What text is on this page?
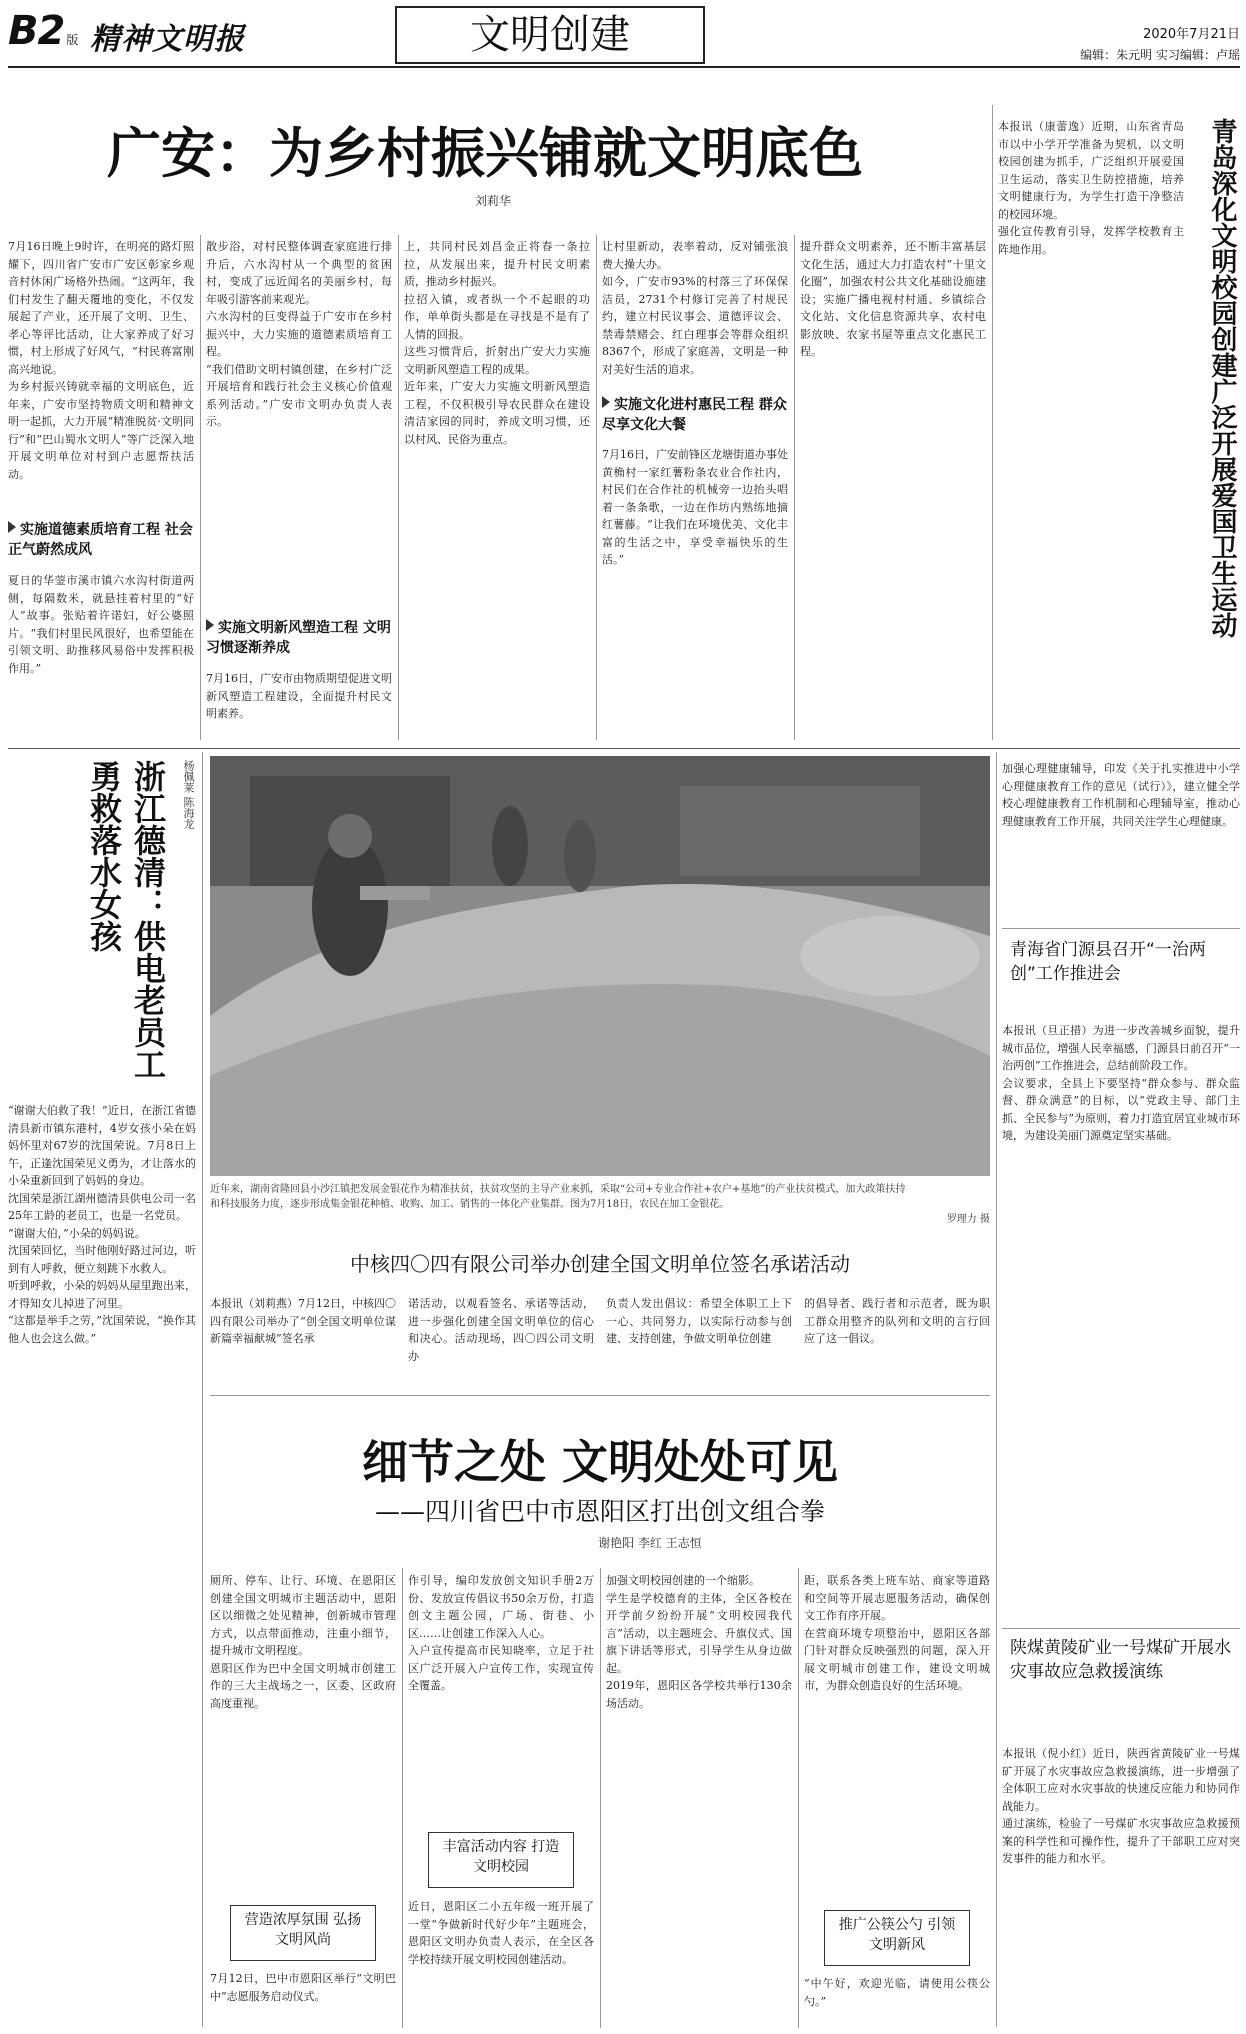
B2 版 精神文明报	文明创建	2020年7月21日
编辑：朱元明 实习编辑：卢瑶
广安：为乡村振兴铺就文明底色
刘莉华
7月16日晚上9时许，在明亮的路灯照耀下，四川省广安市广安区彰家乡观音村休闲广场格外热闹。“这两年，我们村发生了翻天覆地的变化，不仅发展起了产业，还开展了文明、卫生、孝心等评比活动，让大家养成了好习惯，村上形成了好风气，“村民蒋富刚高兴地说。
为乡村振兴铸就幸福的文明底色，近年来，广安市坚持物质文明和精神文明一起抓，大力开展“精准脱贫·文明同行”和“巴山蜀水文明人”等广泛深入地开展文明单位对村到户志愿帮扶活动。
实施道德素质培育工程 社会正气蔚然成风
夏日的华蓥市溪市镇六水沟村街道两侧，每隔数米，就悬挂着村里的“好人”故事。张贴着许诺妇，好公婆照片。“我们村里民风很好，也希望能在引领文明、助推移风易俗中发挥积极作用。”
散步浴，对村民整体调查家庭进行排升后，六水沟村从一个典型的贫困村，变成了远近闻名的美丽乡村，每年吸引游客前来观光。
六水沟村的巨变得益于广安市在乡村振兴中，大力实施的道德素质培育工程。
“我们借助文明村镇创建，在乡村广泛开展培育和践行社会主义核心价值观系列活动。”广安市文明办负责人表示。
实施文明新风塑造工程 文明习惯逐渐养成
7月16日，广安市由物质期望促进文明新风塑造工程建设，全面提升村民文明素养。
上，共同村民刘昌金正将春一条拉拉，从发展出来，提升村民文明素质，推动乡村振兴。
拉招入镇，或者纵一个不起眼的功作，单单街头都是在寻找是不是有了人情的回报。
这些习惯背后，折射出广安大力实施文明新风塑造工程的成果。
近年来，广安大力实施文明新风塑造工程，不仅积极引导农民群众在建设清洁家园的同时，养成文明习惯，还以村风、民俗为重点。
让村里新动，表率着动，反对铺张浪费大操大办。
如今，广安市93%的村落三了环保保洁员，2731个村修订完善了村规民约，建立村民议事会、道德评议会、禁毒禁赌会、红白理事会等群众组织8367个，形成了家庭善，文明是一种对美好生活的追求。
实施文化进村惠民工程 群众尽享文化大餐
7月16日，广安前锋区龙塘街道办事处黄桷村一家红薯粉条农业合作社内，村民们在合作社的机械旁一边抬头唱着一条条歌，一边在作坊内熟练地摘红薯藤。“让我们在环境优美、文化丰富的生活之中，享受幸福快乐的生活。”
提升群众文明素养，还不断丰富基层文化生活，通过大力打造农村“十里文化圈”，加强农村公共文化基础设施建设；实施广播电视村村通、乡镇综合文化站、文化信息资源共享、农村电影放映、农家书屋等重点文化惠民工程。
本报讯（康蕾逸）近期，山东省青岛市以中小学开学准备为契机，以文明校园创建为抓手，广泛组织开展爱国卫生运动，落实卫生防控措施，培养文明健康行为，为学生打造干净整洁的校园环境。
强化宣传教育引导，发挥学校教育主阵地作用。	青岛深化文明校园创建广泛开展爱国卫生运动
浙江德清：供电老员工勇救落水女孩	杨佩莱 陈海龙
“谢谢大伯救了我！”近日，在浙江省德清县新市镇东港村，4岁女孩小朵在妈妈怀里对67岁的沈国荣说。7月8日上午，正逢沈国荣见义勇为，才让落水的小朵重新回到了妈妈的身边。
沈国荣是浙江湖州德清县供电公司一名25年工龄的老员工，也是一名党员。
“谢谢大伯，”小朵的妈妈说。
沈国荣回忆，当时他刚好路过河边，听到有人呼救，便立刻跳下水救人。
听到呼救，小朵的妈妈从屋里跑出来，才得知女儿掉进了河里。
“这都是举手之劳，”沈国荣说，“换作其他人也会这么做。”
近年来，湖南省隆回县小沙江镇把发展金银花作为精准扶贫，扶贫攻坚的主导产业来抓，采取“公司+专业合作社+农户+基地”的产业扶贫模式，加大政策扶持和科技服务力度，逐步形成集金银花种植、收购、加工、销售的一体化产业集群。图为7月18日，农民在加工金银花。
罗理力 摄
中核四〇四有限公司举办创建全国文明单位签名承诺活动
本报讯（刘莉燕）7月12日，中核四〇四有限公司举办了“创全国文明单位谋新篇幸福献城”签名承
诺活动，以观看签名、承诺等活动，进一步强化创建全国文明单位的信心和决心。活动现场，四〇四公司文明办
负责人发出倡议：希望全体职工上下一心、共同努力，以实际行动参与创建、支持创建，争做文明单位创建
的倡导者、践行者和示范者，既为职工群众用整齐的队列和文明的言行回应了这一倡议。
细节之处 文明处处可见
——四川省巴中市恩阳区打出创文组合拳
谢艳阳 李红 王志恒
厕所、停车、让行、环境、在恩阳区创建全国文明城市主题活动中，恩阳区以细微之处见精神，创新城市管理方式，以点带面推动，注重小细节，提升城市文明程度。
恩阳区作为巴中全国文明城市创建工作的三大主战场之一，区委、区政府高度重视。
营造浓厚氛围 弘扬文明风尚
7月12日，巴中市恩阳区举行“文明巴中”志愿服务启动仪式。
作引导，编印发放创文知识手册2万份、发放宣传倡议书50余万份，打造创文主题公园，广场、街巷、小区……让创建工作深入人心。
入户宣传提高市民知晓率，立足于社区广泛开展入户宣传工作，实现宣传全覆盖。
丰富活动内容 打造文明校园
近日，恩阳区二小五年级一班开展了一堂“争做新时代好少年”主题班会，恩阳区文明办负责人表示，在全区各学校持续开展文明校园创建活动。
加强文明校园创建的一个缩影。
学生是学校德育的主体，全区各校在开学前夕纷纷开展“文明校园我代言”活动，以主题班会、升旗仪式、国旗下讲话等形式，引导学生从身边做起。
2019年，恩阳区各学校共举行130余场活动。
距，联系各类上班车站、商家等道路和空间等开展志愿服务活动，确保创文工作有序开展。
在营商环境专项整治中，恩阳区各部门针对群众反映强烈的问题，深入开展文明城市创建工作，建设文明城市，为群众创造良好的生活环境。
推广公筷公勺 引领文明新风
“中午好，欢迎光临，请使用公筷公勺。”
加强心理健康辅导，印发《关于扎实推进中小学心理健康教育工作的意见（试行）》，建立健全学校心理健康教育工作机制和心理辅导室，推动心理健康教育工作开展，共同关注学生心理健康。
青海省门源县召开“一治两创”工作推进会
本报讯（旦正措）为进一步改善城乡面貌，提升城市品位，增强人民幸福感，门源县日前召开“一治两创”工作推进会，总结前阶段工作。
会议要求，全县上下要坚持“群众参与、群众监督、群众满意”的目标，以“党政主导、部门主抓、全民参与”为原则，着力打造宜居宜业城市环境，为建设美丽门源奠定坚实基础。
陕煤黄陵矿业一号煤矿开展水灾事故应急救援演练
本报讯（倪小红）近日，陕西省黄陵矿业一号煤矿开展了水灾事故应急救援演练，进一步增强了全体职工应对水灾事故的快速反应能力和协同作战能力。
通过演练，检验了一号煤矿水灾事故应急救援预案的科学性和可操作性，提升了干部职工应对突发事件的能力和水平。
